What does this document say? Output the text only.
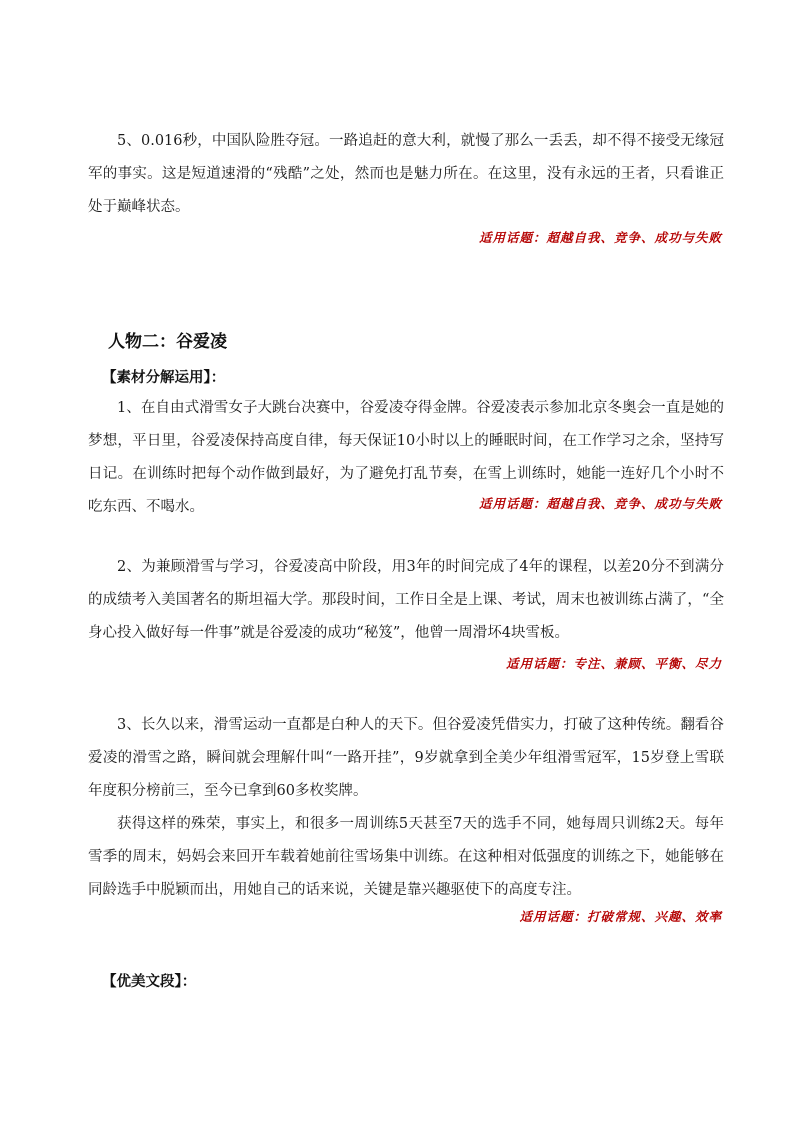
5、0.016秒，中国队险胜夺冠。一路追赶的意大利，就慢了那么一丢丢，却不得不接受无缘冠军的事实。这是短道速滑的“残酷”之处，然而也是魅力所在。在这里，没有永远的王者，只看谁正处于巅峰状态。

适用话题：超越自我、竞争、成功与失败

人物二：谷爱凌
【素材分解运用】：

1、在自由式滑雪女子大跳台决赛中，谷爱凌夺得金牌。谷爱凌表示参加北京冬奥会一直是她的梦想，平日里，谷爱凌保持高度自律，每天保证10小时以上的睡眠时间，在工作学习之余，坚持写日记。在训练时把每个动作做到最好，为了避免打乱节奏，在雪上训练时，她能一连好几个小时不吃东西、不喝水。	适用话题：超越自我、竞争、成功与失败

2、为兼顾滑雪与学习，谷爱凌高中阶段，用3年的时间完成了4年的课程，以差20分不到满分的成绩考入美国著名的斯坦福大学。那段时间，工作日全是上课、考试，周末也被训练占满了，“全身心投入做好每一件事”就是谷爱凌的成功“秘笈”，他曾一周滑坏4块雪板。

适用话题：专注、兼顾、平衡、尽力

3、长久以来，滑雪运动一直都是白种人的天下。但谷爱凌凭借实力，打破了这种传统。翻看谷爱凌的滑雪之路，瞬间就会理解什叫“一路开挂”，9岁就拿到全美少年组滑雪冠军，15岁登上雪联年度积分榜前三，至今已拿到60多枚奖牌。

获得这样的殊荣，事实上，和很多一周训练5天甚至7天的选手不同，她每周只训练2天。每年雪季的周末，妈妈会来回开车载着她前往雪场集中训练。在这种相对低强度的训练之下，她能够在同龄选手中脱颖而出，用她自己的话来说，关键是靠兴趣驱使下的高度专注。

适用话题：打破常规、兴趣、效率

【优美文段】：
